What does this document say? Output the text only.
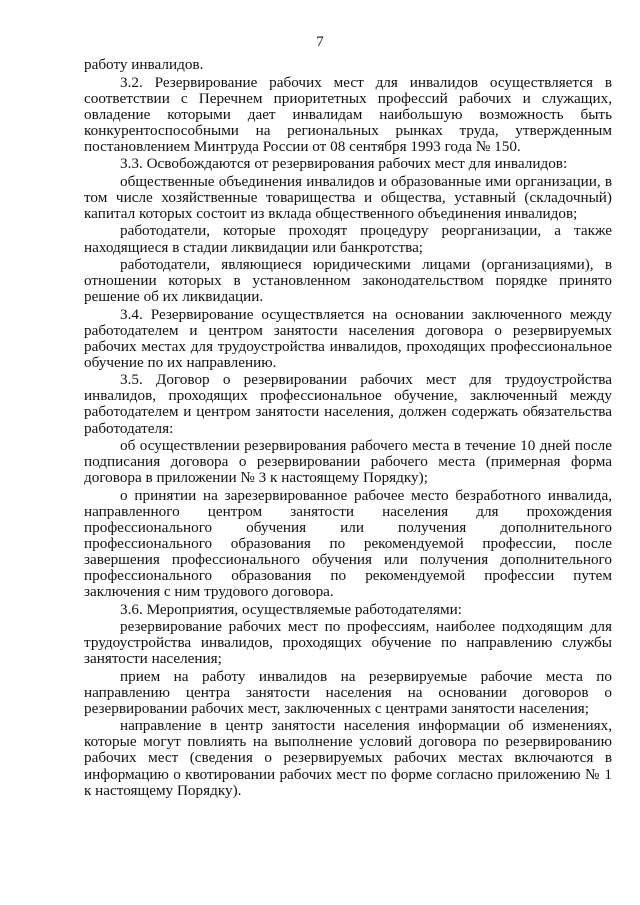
7

работу инвалидов.

3.2. Резервирование рабочих мест для инвалидов осуществляется в соответствии с Перечнем приоритетных профессий рабочих и служащих, овладение которыми дает инвалидам наибольшую возможность быть конкурентоспособными на региональных рынках труда, утвержденным постановлением Минтруда России от 08 сентября 1993 года № 150.

3.3. Освобождаются от резервирования рабочих мест для инвалидов:

общественные объединения инвалидов и образованные ими организации, в том числе хозяйственные товарищества и общества, уставный (складочный) капитал которых состоит из вклада общественного объединения инвалидов;

работодатели, которые проходят процедуру реорганизации, а также находящиеся в стадии ликвидации или банкротства;

работодатели, являющиеся юридическими лицами (организациями), в отношении которых в установленном законодательством порядке принято решение об их ликвидации.

3.4. Резервирование осуществляется на основании заключенного между работодателем и центром занятости населения договора о резервируемых рабочих местах для трудоустройства инвалидов, проходящих профессиональное обучение по их направлению.

3.5. Договор о резервировании рабочих мест для трудоустройства инвалидов, проходящих профессиональное обучение, заключенный между работодателем и центром занятости населения, должен содержать обязательства работодателя:

об осуществлении резервирования рабочего места в течение 10 дней после подписания договора о резервировании рабочего места (примерная форма договора в приложении № 3 к настоящему Порядку);

о принятии на зарезервированное рабочее место безработного инвалида, направленного центром занятости населения для прохождения профессионального обучения или получения дополнительного профессионального образования по рекомендуемой профессии, после завершения профессионального обучения или получения дополнительного профессионального образования по рекомендуемой профессии путем заключения с ним трудового договора.

3.6. Мероприятия, осуществляемые работодателями:

резервирование рабочих мест по профессиям, наиболее подходящим для трудоустройства инвалидов, проходящих обучение по направлению службы занятости населения;

прием на работу инвалидов на резервируемые рабочие места по направлению центра занятости населения на основании договоров о резервировании рабочих мест, заключенных с центрами занятости населения;

направление в центр занятости населения информации об изменениях, которые могут повлиять на выполнение условий договора по резервированию рабочих мест (сведения о резервируемых рабочих местах включаются в информацию о квотировании рабочих мест по форме согласно приложению № 1 к настоящему Порядку).
